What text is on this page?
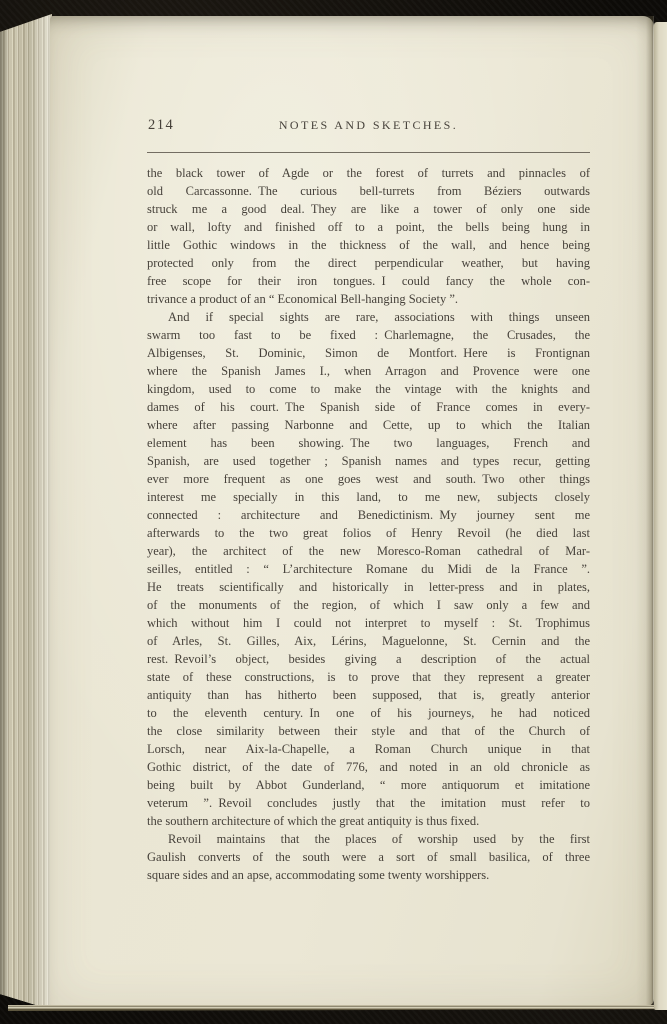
214	NOTES AND SKETCHES.
the black tower of Agde or the forest of turrets and pinnacles of
old Carcassonne. The curious bell-turrets from Béziers outwards
struck me a good deal. They are like a tower of only one side
or wall, lofty and finished off to a point, the bells being hung in
little Gothic windows in the thickness of the wall, and hence being
protected only from the direct perpendicular weather, but having
free scope for their iron tongues. I could fancy the whole con-
trivance a product of an “ Economical Bell-hanging Society ”.
And if special sights are rare, associations with things unseen
swarm too fast to be fixed : Charlemagne, the Crusades, the
Albigenses, St. Dominic, Simon de Montfort. Here is Frontignan
where the Spanish James I., when Arragon and Provence were one
kingdom, used to come to make the vintage with the knights and
dames of his court. The Spanish side of France comes in every-
where after passing Narbonne and Cette, up to which the Italian
element has been showing. The two languages, French and
Spanish, are used together ; Spanish names and types recur, getting
ever more frequent as one goes west and south. Two other things
interest me specially in this land, to me new, subjects closely
connected : architecture and Benedictinism. My journey sent me
afterwards to the two great folios of Henry Revoil (he died last
year), the architect of the new Moresco-Roman cathedral of Mar-
seilles, entitled : “ L’architecture Romane du Midi de la France ”.
He treats scientifically and historically in letter-press and in plates,
of the monuments of the region, of which I saw only a few and
which without him I could not interpret to myself : St. Trophimus
of Arles, St. Gilles, Aix, Lérins, Maguelonne, St. Cernin and the
rest. Revoil’s object, besides giving a description of the actual
state of these constructions, is to prove that they represent a greater
antiquity than has hitherto been supposed, that is, greatly anterior
to the eleventh century. In one of his journeys, he had noticed
the close similarity between their style and that of the Church of
Lorsch, near Aix-la-Chapelle, a Roman Church unique in that
Gothic district, of the date of 776, and noted in an old chronicle as
being built by Abbot Gunderland, “ more antiquorum et imitatione
veterum ”. Revoil concludes justly that the imitation must refer to
the southern architecture of which the great antiquity is thus fixed.
Revoil maintains that the places of worship used by the first
Gaulish converts of the south were a sort of small basilica, of three
square sides and an apse, accommodating some twenty worshippers.
